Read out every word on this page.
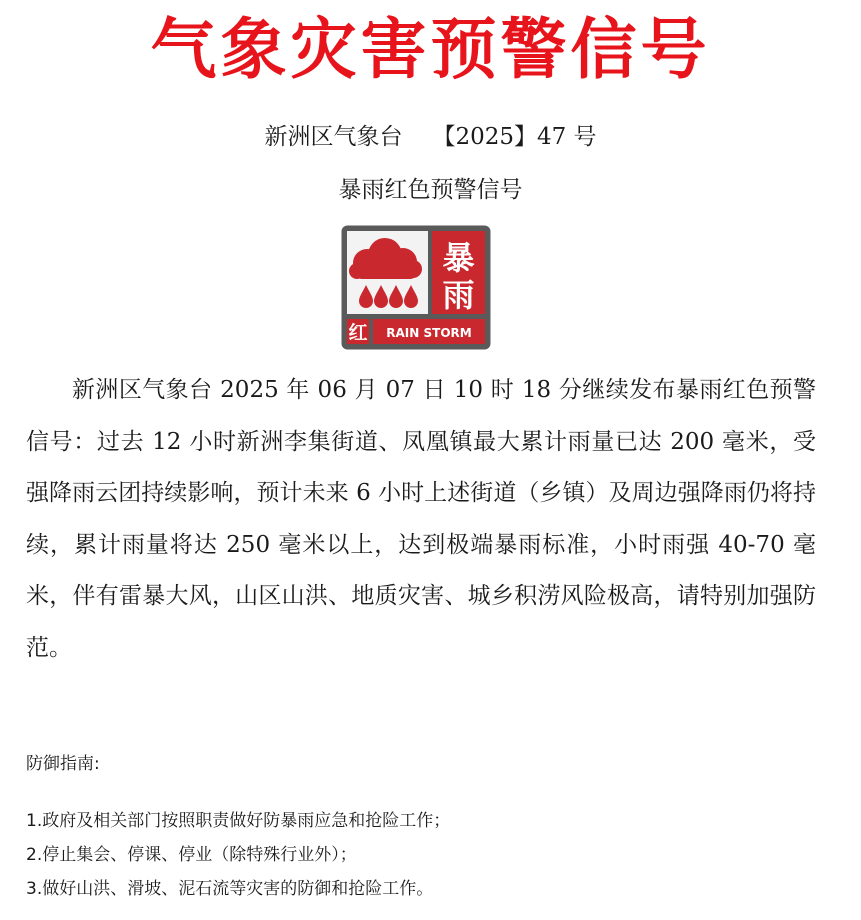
气象灾害预警信号
新洲区气象台 【2025】47 号
暴雨红色预警信号
暴
雨
红 RAIN STORM
新洲区气象台 2025 年 06 月 07 日 10 时 18 分继续发布暴雨红色预警信号：过去 12 小时新洲李集街道、凤凰镇最大累计雨量已达 200 毫米，受强降雨云团持续影响，预计未来 6 小时上述街道（乡镇）及周边强降雨仍将持续，累计雨量将达 250 毫米以上，达到极端暴雨标准，小时雨强 40-70 毫米，伴有雷暴大风，山区山洪、地质灾害、城乡积涝风险极高，请特别加强防范。
防御指南:
1.政府及相关部门按照职责做好防暴雨应急和抢险工作；
2.停止集会、停课、停业（除特殊行业外）；
3.做好山洪、滑坡、泥石流等灾害的防御和抢险工作。
